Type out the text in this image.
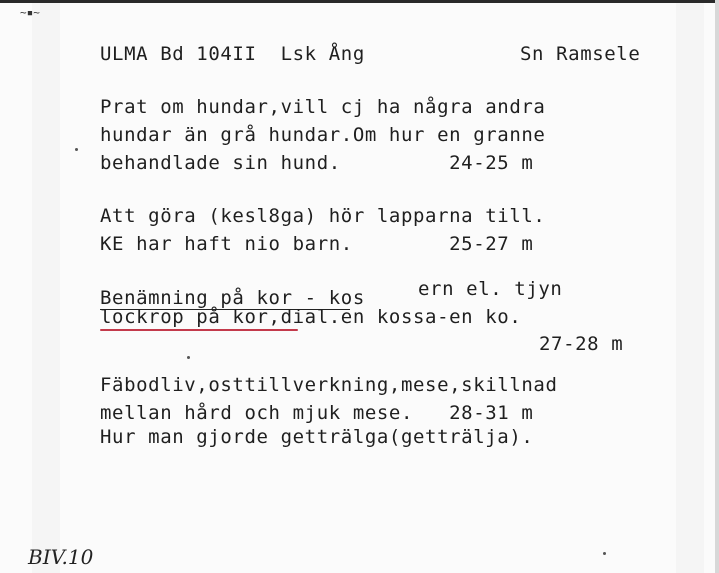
~▪~
ULMA Bd 104II  Lsk Ång	Sn Ramsele
Prat om hundar,vill cj ha några andra
hundar än grå hundar.Om hur en granne
behandlade sin hund.         24-25 m
Att göra (kesl8ga) hör lapparna till.
KE har haft nio barn.        25-27 m
Benämning på kor - kos	ern el. tjyn
lockrop på kor,dial.en kossa-en ko.
27-28 m
Fäbodliv,osttillverkning,mese,skillnad
mellan hård och mjuk mese.   28-31 m
Hur man gjorde getträlga(getträlja).
BIV.10
